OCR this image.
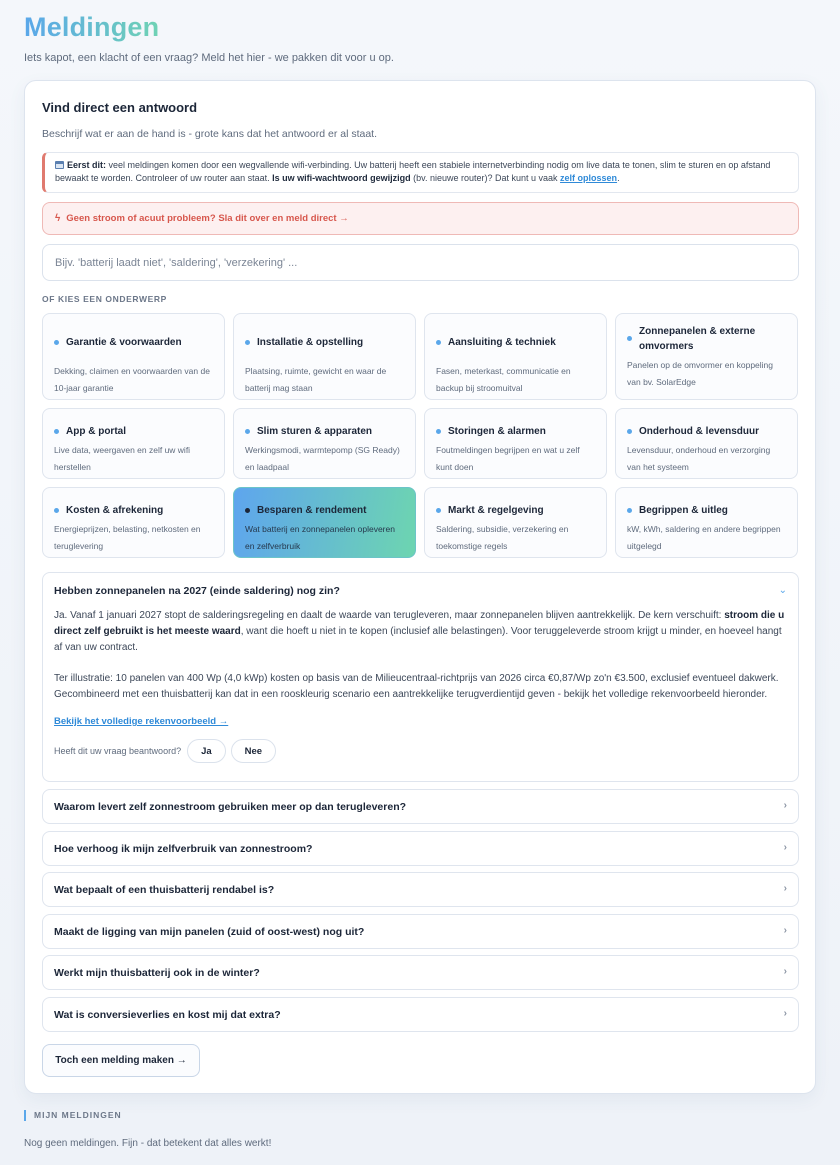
Meldingen
Iets kapot, een klacht of een vraag? Meld het hier - we pakken dit voor u op.
Vind direct een antwoord
Beschrijf wat er aan de hand is - grote kans dat het antwoord er al staat.
Eerst dit: veel meldingen komen door een wegvallende wifi-verbinding. Uw batterij heeft een stabiele internetverbinding nodig om live data te tonen, slim te sturen en op afstand bewaakt te worden. Controleer of uw router aan staat. Is uw wifi-wachtwoord gewijzigd (bv. nieuwe router)? Dat kunt u vaak zelf oplossen.
ϟ Geen stroom of acuut probleem? Sla dit over en meld direct →
Bijv. 'batterij laadt niet', 'saldering', 'verzekering' ...
OF KIES EEN ONDERWERP
Garantie & voorwaarden
Dekking, claimen en voorwaarden van de 10-jaar garantie
Installatie & opstelling
Plaatsing, ruimte, gewicht en waar de batterij mag staan
Aansluiting & techniek
Fasen, meterkast, communicatie en backup bij stroomuitval
Zonnepanelen & externe omvormers
Panelen op de omvormer en koppeling van bv. SolarEdge
App & portal
Live data, weergaven en zelf uw wifi herstellen
Slim sturen & apparaten
Werkingsmodi, warmtepomp (SG Ready) en laadpaal
Storingen & alarmen
Foutmeldingen begrijpen en wat u zelf kunt doen
Onderhoud & levensduur
Levensduur, onderhoud en verzorging van het systeem
Kosten & afrekening
Energieprijzen, belasting, netkosten en teruglevering
Besparen & rendement
Wat batterij en zonnepanelen opleveren en zelfverbruik
Markt & regelgeving
Saldering, subsidie, verzekering en toekomstige regels
Begrippen & uitleg
kW, kWh, saldering en andere begrippen uitgelegd
Hebben zonnepanelen na 2027 (einde saldering) nog zin?	⌄

Ja. Vanaf 1 januari 2027 stopt de salderingsregeling en daalt de waarde van terugleveren, maar zonnepanelen blijven aantrekkelijk. De kern verschuift: stroom die u direct zelf gebruikt is het meeste waard, want die hoeft u niet in te kopen (inclusief alle belastingen). Voor teruggeleverde stroom krijgt u minder, en hoeveel hangt af van uw contract.

Ter illustratie: 10 panelen van 400 Wp (4,0 kWp) kosten op basis van de Milieucentraal-richtprijs van 2026 circa €0,87/Wp zo'n €3.500, exclusief eventueel dakwerk. Gecombineerd met een thuisbatterij kan dat in een rooskleurig scenario een aantrekkelijke terugverdientijd geven - bekijk het volledige rekenvoorbeeld hieronder.

Bekijk het volledige rekenvoorbeeld →
Heeft dit uw vraag beantwoord?	Ja	Nee
Waarom levert zelf zonnestroom gebruiken meer op dan terugleveren?	›
Hoe verhoog ik mijn zelfverbruik van zonnestroom?	›
Wat bepaalt of een thuisbatterij rendabel is?	›
Maakt de ligging van mijn panelen (zuid of oost-west) nog uit?	›
Werkt mijn thuisbatterij ook in de winter?	›
Wat is conversieverlies en kost mij dat extra?	›
Toch een melding maken →
MIJN MELDINGEN
Nog geen meldingen. Fijn - dat betekent dat alles werkt!
